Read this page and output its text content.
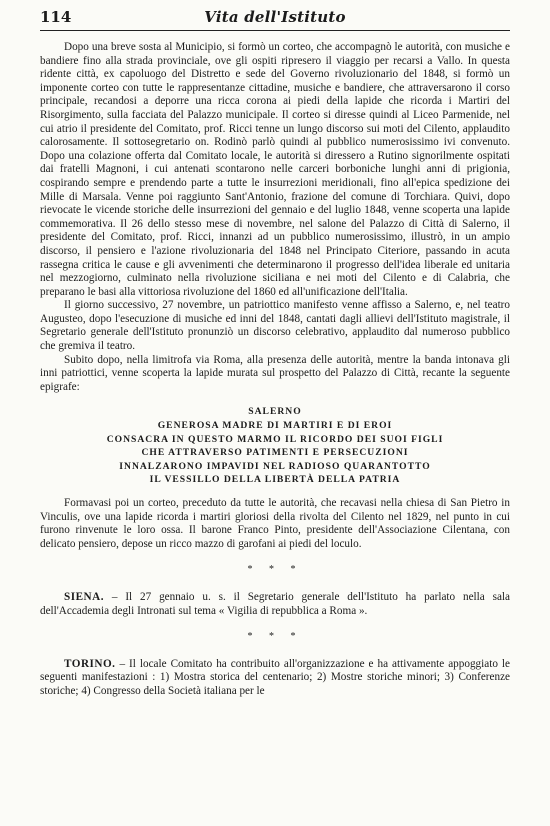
114	Vita dell'Istituto

Dopo una breve sosta al Municipio, si formò un corteo, che accompagnò le autorità, con musiche e bandiere fino alla strada provinciale, ove gli ospiti ripresero il viaggio per recarsi a Vallo. In questa ridente città, ex capoluogo del Distretto e sede del Governo rivoluzionario del 1848, si formò un imponente corteo con tutte le rappresentanze cittadine, musiche e bandiere, che attraversarono il corso principale, recandosi a deporre una ricca corona ai piedi della lapide che ricorda i Martiri del Risorgimento, sulla facciata del Palazzo municipale. Il corteo si diresse quindi al Liceo Parmenide, nel cui atrio il presidente del Comitato, prof. Ricci tenne un lungo discorso sui moti del Cilento, applaudito calorosamente. Il sottosegretario on. Rodinò parlò quindi al pubblico numerosissimo ivi convenuto. Dopo una colazione offerta dal Comitato locale, le autorità si diressero a Rutino signorilmente ospitati dai fratelli Magnoni, i cui antenati scontarono nelle carceri borboniche lunghi anni di prigionia, cospirando sempre e prendendo parte a tutte le insurrezioni meridionali, fino all'epica spedizione dei Mille di Marsala. Venne poi raggiunto Sant'Antonio, frazione del comune di Torchiara. Quivi, dopo rievocate le vicende storiche delle insurrezioni del gennaio e del luglio 1848, venne scoperta una lapide commemorativa. Il 26 dello stesso mese di novembre, nel salone del Palazzo di Città di Salerno, il presidente del Comitato, prof. Ricci, innanzi ad un pubblico numerosissimo, illustrò, in un ampio discorso, il pensiero e l'azione rivoluzionaria del 1848 nel Principato Citeriore, passando in acuta rassegna critica le cause e gli avvenimenti che determinarono il progresso dell'idea liberale ed unitaria nel mezzogiorno, culminato nella rivoluzione siciliana e nei moti del Cilento e di Calabria, che preparano le basi alla vittoriosa rivoluzione del 1860 ed all'unificazione dell'Italia.

Il giorno successivo, 27 novembre, un patriottico manifesto venne affisso a Salerno, e, nel teatro Augusteo, dopo l'esecuzione di musiche ed inni del 1848, cantati dagli allievi dell'Istituto magistrale, il Segretario generale dell'Istituto pronunziò un discorso celebrativo, applaudito dal numeroso pubblico che gremiva il teatro.

Subito dopo, nella limitrofa via Roma, alla presenza delle autorità, mentre la banda intonava gli inni patriottici, venne scoperta la lapide murata sul prospetto del Palazzo di Città, recante la seguente epigrafe:

SALERNO
GENEROSA MADRE DI MARTIRI E DI EROI
CONSACRA IN QUESTO MARMO IL RICORDO DEI SUOI FIGLI
CHE ATTRAVERSO PATIMENTI E PERSECUZIONI
INNALZARONO IMPAVIDI NEL RADIOSO QUARANTOTTO
IL VESSILLO DELLA LIBERTÀ DELLA PATRIA

Formavasi poi un corteo, preceduto da tutte le autorità, che recavasi nella chiesa di San Pietro in Vinculis, ove una lapide ricorda i martiri gloriosi della rivolta del Cilento nel 1829, nel punto in cui furono rinvenute le loro ossa. Il barone Franco Pinto, presidente dell'Associazione Cilentana, con delicato pensiero, depose un ricco mazzo di garofani ai piedi del loculo.

* * *

SIENA. – Il 27 gennaio u. s. il Segretario generale dell'Istituto ha parlato nella sala dell'Accademia degli Intronati sul tema « Vigilia di repubblica a Roma ».

* * *

TORINO. – Il locale Comitato ha contribuito all'organizzazione e ha attivamente appoggiato le seguenti manifestazioni : 1) Mostra storica del centenario; 2) Mostre storiche minori; 3) Conferenze storiche; 4) Congresso della Società italiana per le
